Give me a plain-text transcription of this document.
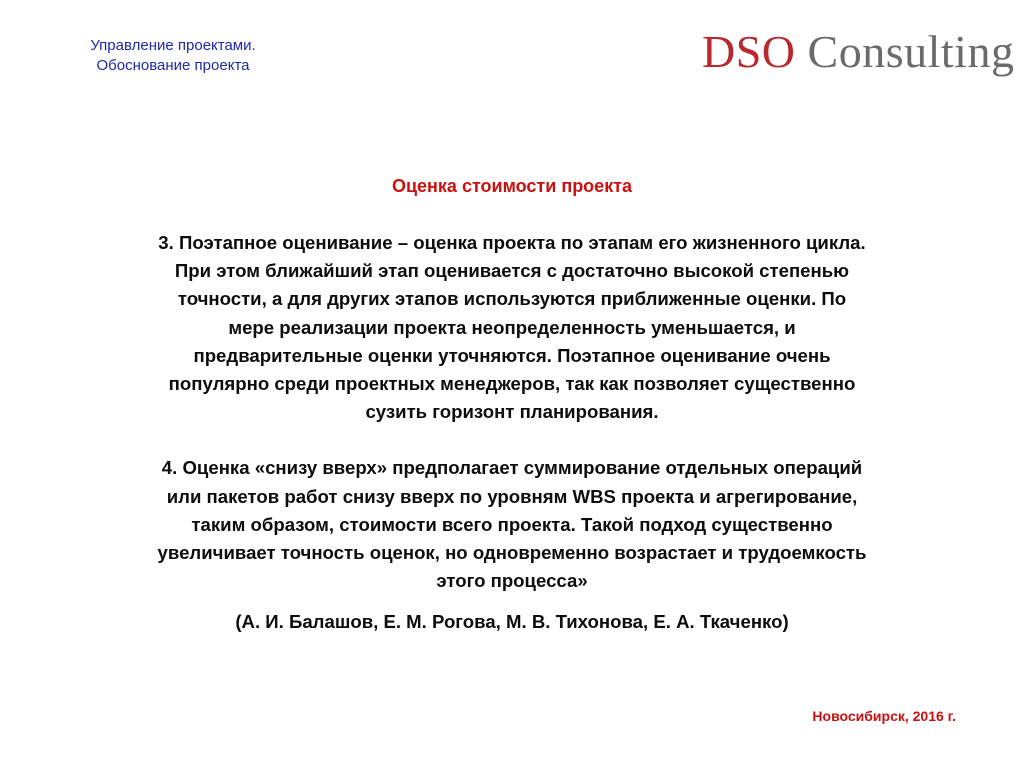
Управление проектами.
Обоснование проекта	DSO Consulting
Оценка стоимости проекта
3. Поэтапное оценивание – оценка проекта по этапам его жизненного цикла.
При этом ближайший этап оценивается с достаточно высокой степенью
точности, а для других этапов используются приближенные оценки. По
мере реализации проекта неопределенность уменьшается, и
предварительные оценки уточняются. Поэтапное оценивание очень
популярно среди проектных менеджеров, так как позволяет существенно
сузить горизонт планирования.
4. Оценка «снизу вверх» предполагает суммирование отдельных операций
или пакетов работ снизу вверх по уровням WBS проекта и агрегирование,
таким образом, стоимости всего проекта. Такой подход существенно
увеличивает точность оценок, но одновременно возрастает и трудоемкость
этого процесса»
(А. И. Балашов, Е. М. Рогова, М. В. Тихонова, Е. А. Ткаченко)
Новосибирск, 2016 г.
